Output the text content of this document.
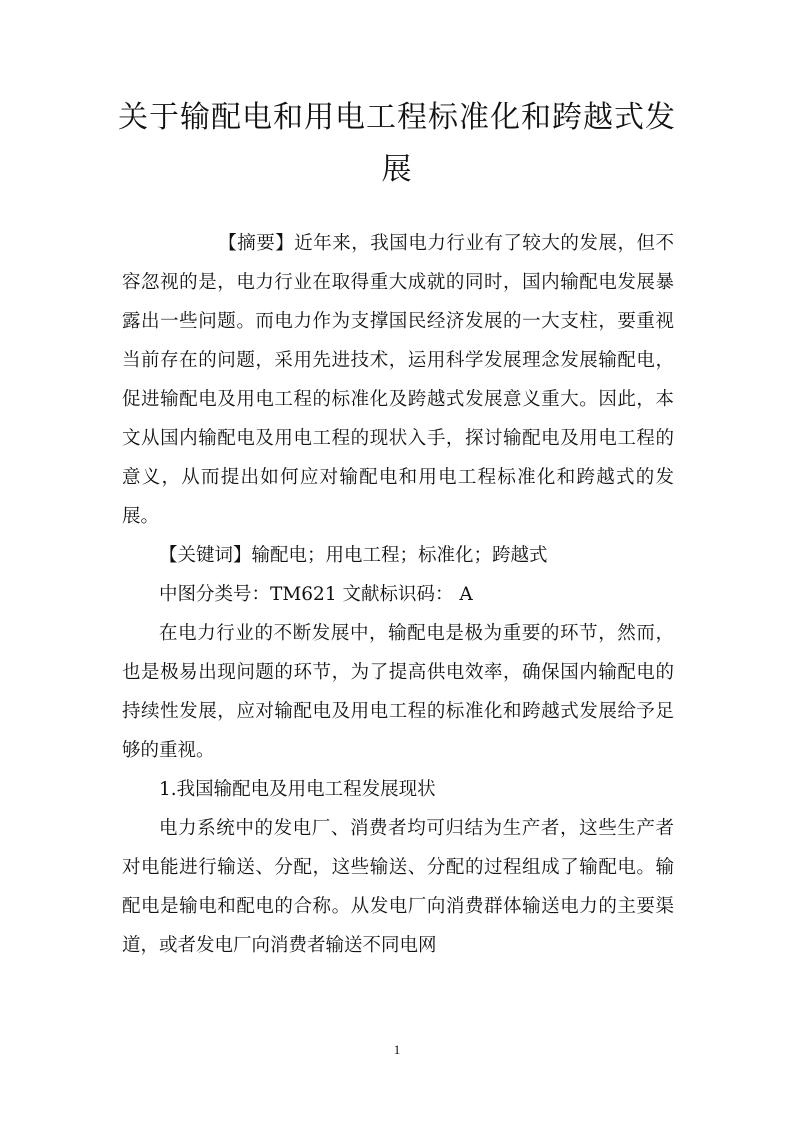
关于输配电和用电工程标准化和跨越式发
展

【摘要】近年来，我国电力行业有了较大的发展，但不容忽视的是，电力行业在取得重大成就的同时，国内输配电发展暴露出一些问题。而电力作为支撑国民经济发展的一大支柱，要重视当前存在的问题，采用先进技术，运用科学发展理念发展输配电，促进输配电及用电工程的标准化及跨越式发展意义重大。因此，本文从国内输配电及用电工程的现状入手，探讨输配电及用电工程的意义，从而提出如何应对输配电和用电工程标准化和跨越式的发展。

【关键词】输配电；用电工程；标准化；跨越式

中图分类号：TM621 文献标识码： A

在电力行业的不断发展中，输配电是极为重要的环节，然而，也是极易出现问题的环节，为了提高供电效率，确保国内输配电的持续性发展，应对输配电及用电工程的标准化和跨越式发展给予足够的重视。

1.我国输配电及用电工程发展现状

电力系统中的发电厂、消费者均可归结为生产者，这些生产者对电能进行输送、分配，这些输送、分配的过程组成了输配电。输配电是输电和配电的合称。从发电厂向消费群体输送电力的主要渠道，或者发电厂向消费者输送不同电网

1
